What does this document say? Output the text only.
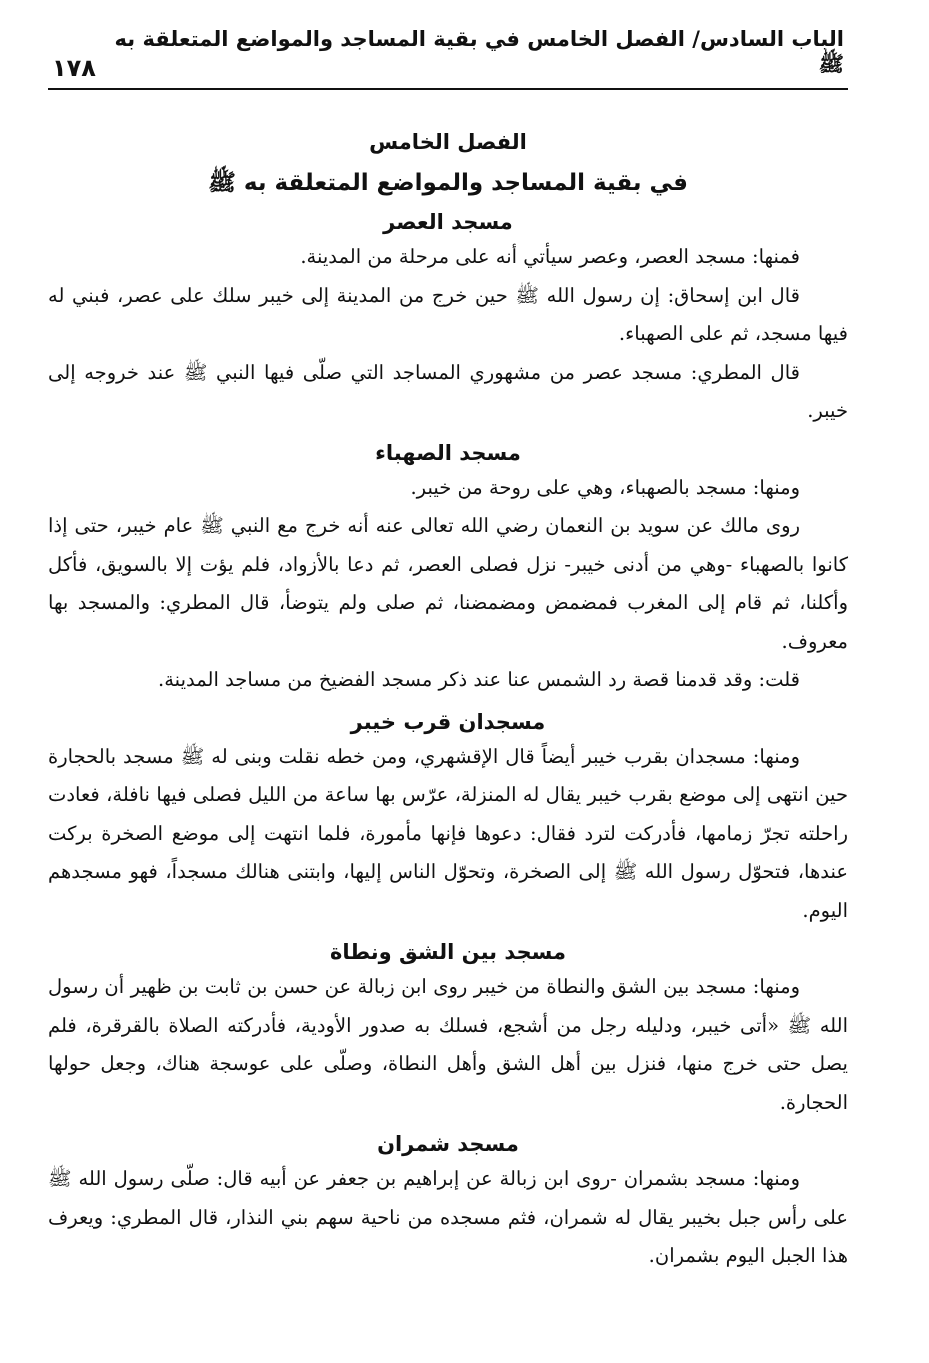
الباب السادس/ الفصل الخامس في بقية المساجد والمواضع المتعلقة به ﷺ
١٧٨
الفصل الخامس
في بقية المساجد والمواضع المتعلقة به ﷺ
مسجد العصر

فمنها: مسجد العصر، وعصر سيأتي أنه على مرحلة من المدينة.

قال ابن إسحاق: إن رسول الله ﷺ حين خرج من المدينة إلى خيبر سلك على عصر، فبني له فيها مسجد، ثم على الصهباء.

قال المطري: مسجد عصر من مشهوري المساجد التي صلّى فيها النبي ﷺ عند خروجه إلى خيبر.

مسجد الصهباء

ومنها: مسجد بالصهباء، وهي على روحة من خيبر.

روى مالك عن سويد بن النعمان رضي الله تعالى عنه أنه خرج مع النبي ﷺ عام خيبر، حتى إذا كانوا بالصهباء -وهي من أدنى خيبر- نزل فصلى العصر، ثم دعا بالأزواد، فلم يؤت إلا بالسويق، فأكل وأكلنا، ثم قام إلى المغرب فمضمض ومضمضنا، ثم صلى ولم يتوضأ، قال المطري: والمسجد بها معروف.

قلت: وقد قدمنا قصة رد الشمس عنا عند ذكر مسجد الفضيخ من مساجد المدينة.

مسجدان قرب خيبر

ومنها: مسجدان بقرب خيبر أيضاً قال الإقشهري، ومن خطه نقلت وبنى له ﷺ مسجد بالحجارة حين انتهى إلى موضع بقرب خيبر يقال له المنزلة، عرّس بها ساعة من الليل فصلى فيها نافلة، فعادت راحلته تجرّ زمامها، فأدركت لترد فقال: دعوها فإنها مأمورة، فلما انتهت إلى موضع الصخرة بركت عندها، فتحوّل رسول الله ﷺ إلى الصخرة، وتحوّل الناس إليها، وابتنى هنالك مسجداً، فهو مسجدهم اليوم.

مسجد بين الشق ونطاة

ومنها: مسجد بين الشق والنطاة من خيبر روى ابن زبالة عن حسن بن ثابت بن ظهير أن رسول الله ﷺ «أتى خيبر، ودليله رجل من أشجع، فسلك به صدور الأودية، فأدركته الصلاة بالقرقرة، فلم يصل حتى خرج منها، فنزل بين أهل الشق وأهل النطاة، وصلّى على عوسجة هناك، وجعل حولها الحجارة.

مسجد شمران

ومنها: مسجد بشمران -روى ابن زبالة عن إبراهيم بن جعفر عن أبيه قال: صلّى رسول الله ﷺ على رأس جبل بخيبر يقال له شمران، فثم مسجده من ناحية سهم بني النذار، قال المطري: ويعرف هذا الجبل اليوم بشمران.
